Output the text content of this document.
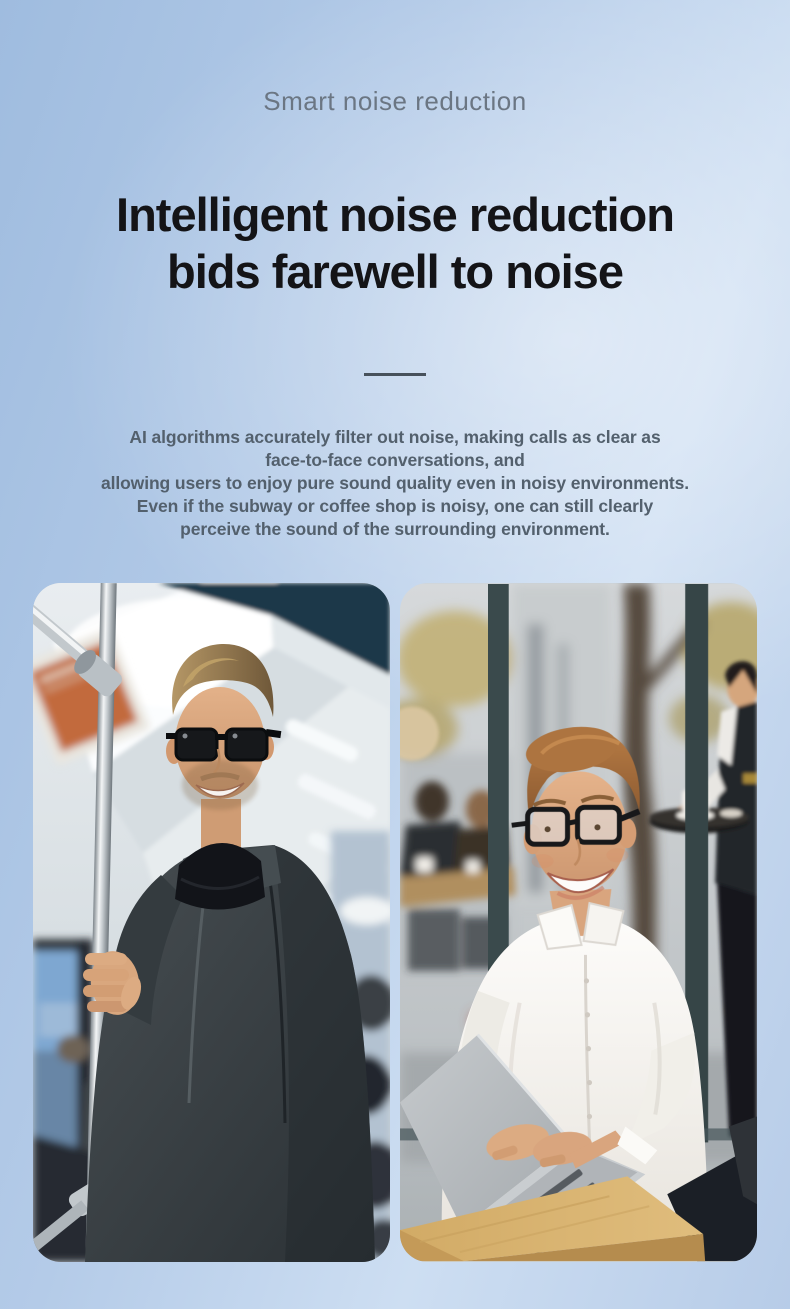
Smart noise reduction
Intelligent noise reduction
bids farewell to noise
AI algorithms accurately filter out noise, making calls as clear as
face-to-face conversations, and
allowing users to enjoy pure sound quality even in noisy environments.
Even if the subway or coffee shop is noisy, one can still clearly
perceive the sound of the surrounding environment.
